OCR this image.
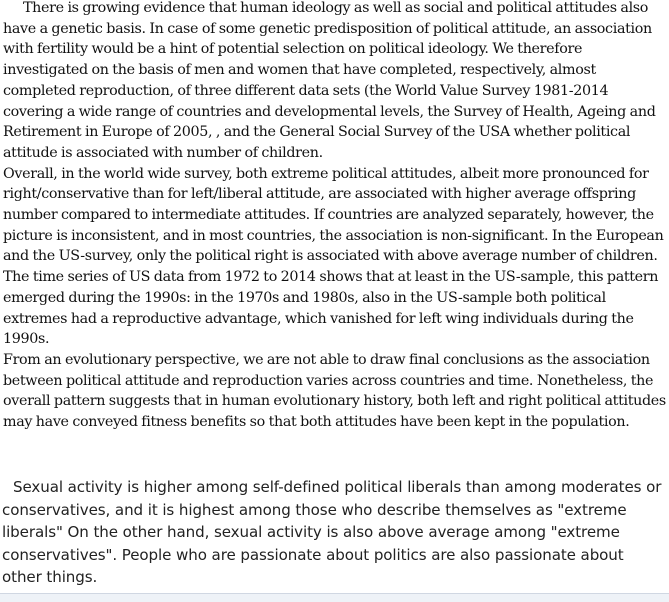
There is growing evidence that human ideology as well as social and political attitudes also have a genetic basis. In case of some genetic predisposition of political attitude, an association with fertility would be a hint of potential selection on political ideology. We therefore investigated on the basis of men and women that have completed, respectively, almost completed reproduction, of three different data sets (the World Value Survey 1981-2014 covering a wide range of countries and developmental levels, the Survey of Health, Ageing and Retirement in Europe of 2005, , and the General Social Survey of the USA whether political attitude is associated with number of children.

Overall, in the world wide survey, both extreme political attitudes, albeit more pronounced for right/conservative than for left/liberal attitude, are associated with higher average offspring number compared to intermediate attitudes. If countries are analyzed separately, however, the picture is inconsistent, and in most countries, the association is non-significant. In the European and the US-survey, only the political right is associated with above average number of children. The time series of US data from 1972 to 2014 shows that at least in the US-sample, this pattern emerged during the 1990s: in the 1970s and 1980s, also in the US-sample both political extremes had a reproductive advantage, which vanished for left wing individuals during the 1990s.

From an evolutionary perspective, we are not able to draw final conclusions as the association between political attitude and reproduction varies across countries and time. Nonetheless, the overall pattern suggests that in human evolutionary history, both left and right political attitudes may have conveyed fitness benefits so that both attitudes have been kept in the population.

Sexual activity is higher among self-defined political liberals than among moderates or conservatives, and it is highest among those who describe themselves as "extreme liberals" On the other hand, sexual activity is also above average among "extreme conservatives". People who are passionate about politics are also passionate about other things.
